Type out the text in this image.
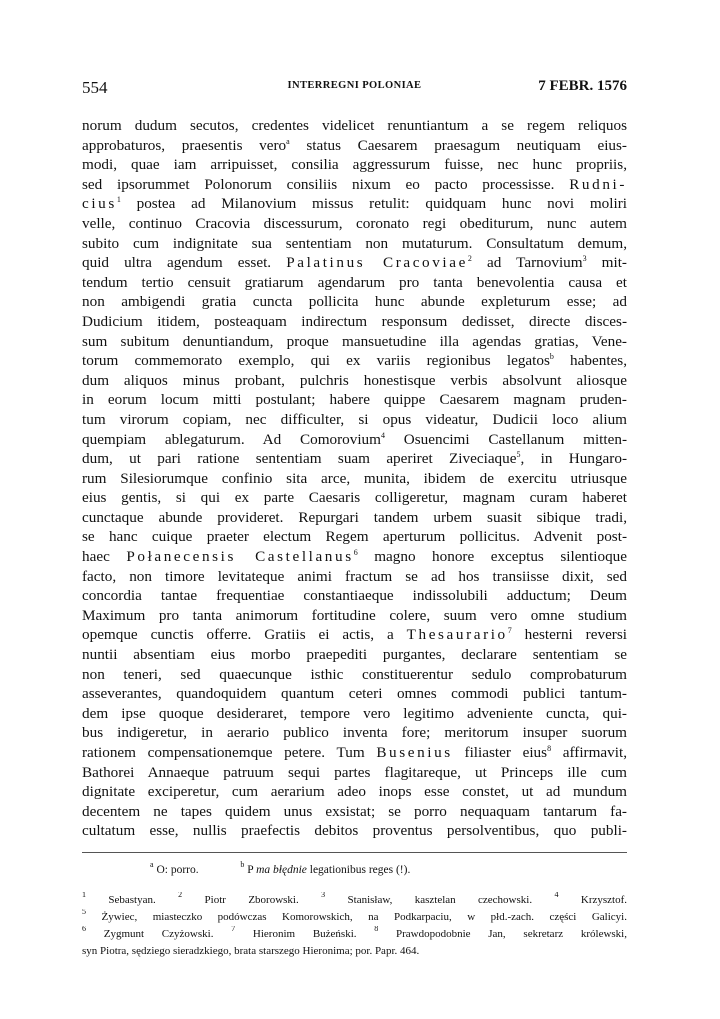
554	INTERREGNI POLONIAE	7 FEBR. 1576
norum dudum secutos, credentes videlicet renuntiantum a se regem reliquos
approbaturos, praesentis vero$^a$ status Caesarem praesagum neutiquam eius-
modi, quae iam arripuisset, consilia aggressurum fuisse, nec hunc propriis,
sed ipsorummet Polonorum consiliis nixum eo pacto processisse. Rudni-
cius$^1$ postea ad Milanovium missus retulit: quidquam hunc novi moliri
velle, continuo Cracovia discessurum, coronato regi obediturum, nunc autem
subito cum indignitate sua sententiam non mutaturum. Consultatum demum,
quid ultra agendum esset. Palatinus Cracoviae$^2$ ad Tarnovium$^3$ mit-
tendum tertio censuit gratiarum agendarum pro tanta benevolentia causa et
non ambigendi gratia cuncta pollicita hunc abunde expleturum esse; ad
Dudicium itidem, posteaquam indirectum responsum dedisset, directe disces-
sum subitum denuntiandum, proque mansuetudine illa agendas gratias, Vene-
torum commemorato exemplo, qui ex variis regionibus legatos$^b$ habentes,
dum aliquos minus probant, pulchris honestisque verbis absolvunt aliosque
in eorum locum mitti postulant; habere quippe Caesarem magnam pruden-
tum virorum copiam, nec difficulter, si opus videatur, Dudicii loco alium
quempiam ablegaturum. Ad Comorovium$^4$ Osuencimi Castellanum mitten-
dum, ut pari ratione sententiam suam aperiret Ziveciaque$^5$, in Hungaro-
rum Silesiorumque confinio sita arce, munita, ibidem de exercitu utriusque
eius gentis, si qui ex parte Caesaris colligeretur, magnam curam haberet
cunctaque abunde provideret. Repurgari tandem urbem suasit sibique tradi,
se hanc cuique praeter electum Regem aperturum pollicitus. Advenit post-
haec Połanecensis Castellanus$^6$ magno honore exceptus silentioque
facto, non timore levitateque animi fractum se ad hos transiisse dixit, sed
concordia tantae frequentiae constantiaeque indissolubili adductum; Deum
Maximum pro tanta animorum fortitudine colere, suum vero omne studium
opemque cunctis offerre. Gratiis ei actis, a Thesaurario$^7$ hesterni reversi
nuntii absentiam eius morbo praepediti purgantes, declarare sententiam se
non teneri, sed quaecunque isthic constituerentur sedulo comprobaturum
asseverantes, quandoquidem quantum ceteri omnes commodi publici tantum-
dem ipse quoque desideraret, tempore vero legitimo adveniente cuncta, qui-
bus indigeretur, in aerario publico inventa fore; meritorum insuper suorum
rationem compensationemque petere. Tum Busenius filiaster eius$^8$ affirmavit,
Bathorei Annaeque patruum sequi partes flagitareque, ut Princeps ille cum
dignitate exciperetur, cum aerarium adeo inops esse constet, ut ad mundum
decentem ne tapes quidem unus exsistat; se porro nequaquam tantarum fa-
cultatum esse, nullis praefectis debitos proventus persolventibus, quo publi-
$^a$ O: porro.	$^b$ P ma błędnie legationibus reges (!).
$^1$ Sebastyan. $^2$ Piotr Zborowski. $^3$ Stanisław, kasztelan czechowski. $^4$ Krzysztof.
$^5$ Żywiec, miasteczko podówczas Komorowskich, na Podkarpaciu, w płd.-zach. części Galicyi.
$^6$ Zygmunt Czyżowski. $^7$ Hieronim Bużeński. $^8$ Prawdopodobnie Jan, sekretarz królewski,
syn Piotra, sędziego sieradzkiego, brata starszego Hieronima; por. Papr. 464.
